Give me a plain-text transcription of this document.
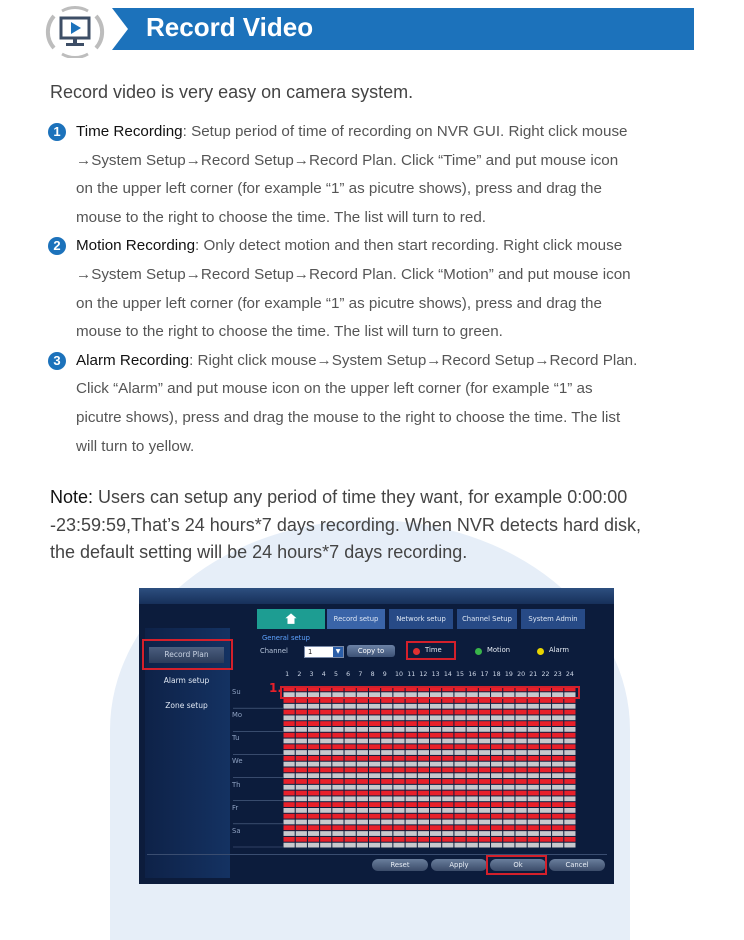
Record Video
Record video is very easy on camera system.
1	Time Recording: Setup period of time of recording on NVR GUI. Right click mouse
→System Setup→Record Setup→Record Plan. Click “Time” and put mouse icon
on the upper left corner (for example “1” as picutre shows), press and drag the
mouse to the right to choose the time. The list will turn to red.
2	Motion Recording: Only detect motion and then start recording. Right click mouse
→System Setup→Record Setup→Record Plan. Click “Motion” and put mouse icon
on the upper left corner (for example “1” as picutre shows), press and drag the
mouse to the right to choose the time. The list will turn to green.
3	Alarm Recording: Right click mouse→System Setup→Record Setup→Record Plan.
Click “Alarm” and put mouse icon on the upper left corner (for example “1” as
picutre shows), press and drag the mouse to the right to choose the time. The list
will turn to yellow.
Note: Users can setup any period of time they want, for example 0:00:00
-23:59:59,That’s 24 hours*7 days recording. When NVR detects hard disk,
the default setting will be 24 hours*7 days recording.
Record setup	Network setup	Channel Setup	System Admin
Record Plan
Alarm setup
Zone setup
General setup
Channel	1	▼	Copy to	Time	Motion	Alarm
1 2 3 4 5 6 7 8 9 10 11 12 13 14 15 16 17 18 19 20 21 22 23 24
Su
Mo
Tu
We
Th
Fr
Sa
1.
Reset	Apply	Ok	Cancel
